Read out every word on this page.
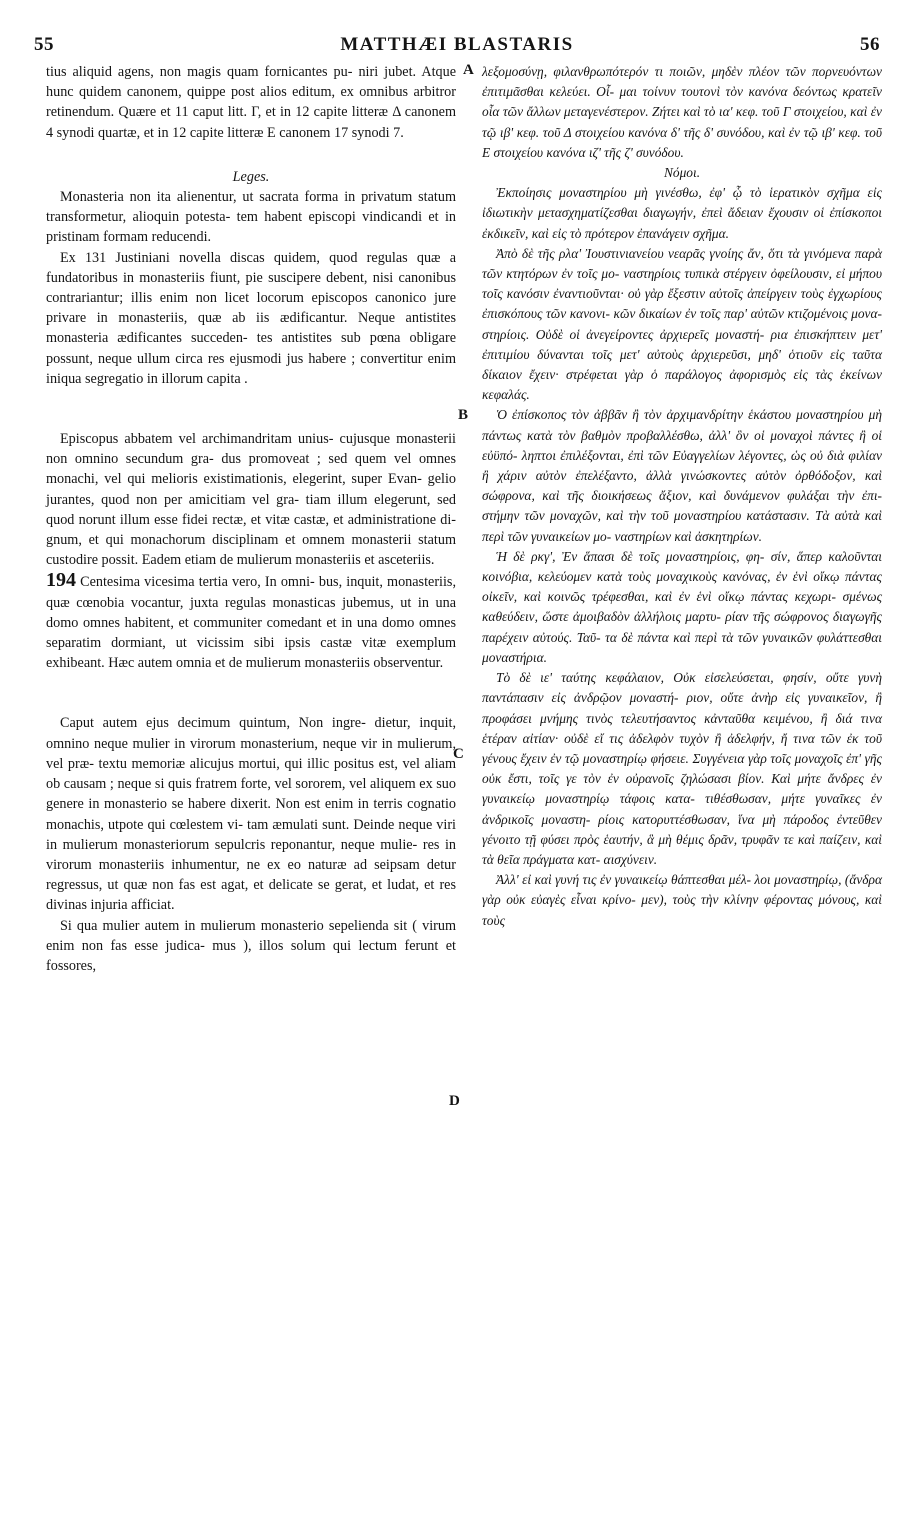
55	MATTHÆI BLASTARIS	56
A
B
C
D

tius aliquid agens, non magis quam fornicantes pu- niri jubet. Atque hunc quidem canonem, quippe post alios editum, ex omnibus arbitror retinendum. Quære et 11 caput litt. Γ, et in 12 capite litteræ Δ canonem 4 synodi quartæ, et in 12 capite litteræ E canonem 17 synodi 7.

Leges.

Monasteria non ita alienentur, ut sacrata forma in privatum statum transformetur, alioquin potesta- tem habent episcopi vindicandi et in pristinam formam reducendi.

Ex 131 Justiniani novella discas quidem, quod regulas quæ a fundatoribus in monasteriis fiunt, pie suscipere debent, nisi canonibus contrariantur; illis enim non licet locorum episcopos canonico jure privare in monasteriis, quæ ab iis ædificantur. Neque antistites monasteria ædificantes succeden- tes antistites sub pœna obligare possunt, neque ullum circa res ejusmodi jus habere ; convertitur enim iniqua segregatio in illorum capita .

Episcopus abbatem vel archimandritam unius- cujusque monasterii non omnino secundum gra- dus promoveat ; sed quem vel omnes monachi, vel qui melioris existimationis, elegerint, super Evan- gelio jurantes, quod non per amicitiam vel gra- tiam illum elegerunt, sed quod norunt illum esse fidei rectæ, et vitæ castæ, et administratione di- gnum, et qui monachorum disciplinam et omnem monasterii statum custodire possit. Eadem etiam de mulierum monasteriis et asceteriis.

194 Centesima vicesima tertia vero, In omni- bus, inquit, monasteriis, quæ cœnobia vocantur, juxta regulas monasticas jubemus, ut in una domo omnes habitent, et communiter comedant et in una domo omnes separatim dormiant, ut vicissim sibi ipsis castæ vitæ exemplum exhibeant. Hæc autem omnia et de mulierum monasteriis observentur.

Caput autem ejus decimum quintum, Non ingre- dietur, inquit, omnino neque mulier in virorum monasterium, neque vir in mulierum, vel præ- textu memoriæ alicujus mortui, qui illic positus est, vel aliam ob causam ; neque si quis fratrem forte, vel sororem, vel aliquem ex suo genere in monasterio se habere dixerit. Non est enim in terris cognatio monachis, utpote qui cœlestem vi- tam æmulati sunt. Deinde neque viri in mulierum monasteriorum sepulcris reponantur, neque mulie- res in virorum monasteriis inhumentur, ne ex eo naturæ ad seipsam detur regressus, ut quæ non fas est agat, et delicate se gerat, et ludat, et res divinas injuria afficiat.

Si qua mulier autem in mulierum monasterio sepelienda sit ( virum enim non fas esse judica- mus ), illos solum qui lectum ferunt et fossores,

λεξομοσύνῃ, φιλανθρωπότερόν τι ποιῶν, μηδὲν πλέον τῶν πορνευόντων ἐπιτιμᾶσθαι κελεύει. Οἶ- μαι τοίνυν τουτονὶ τὸν κανόνα δεόντως κρατεῖν οἷα τῶν ἄλλων μεταγενέστερον. Ζήτει καὶ τὸ ια' κεφ. τοῦ Γ στοιχείου, καὶ ἐν τῷ ιβ' κεφ. τοῦ Δ στοιχείου κανόνα δ' τῆς δ' συνόδου, καὶ ἐν τῷ ιβ' κεφ. τοῦ Ε στοιχείου κανόνα ιζ' τῆς ζ' συνόδου.

Νόμοι.

Ἐκποίησις μοναστηρίου μὴ γινέσθω, ἐφ' ᾧ τὸ ἱερατικὸν σχῆμα εἰς ἰδιωτικὴν μετασχηματίζεσθαι διαγωγήν, ἐπεὶ ἄδειαν ἔχουσιν οἱ ἐπίσκοποι ἐκδικεῖν, καὶ εἰς τὸ πρότερον ἐπανάγειν σχῆμα.

Ἀπὸ δὲ τῆς ρλα' Ἰουστινιανείου νεαρᾶς γνοίης ἄν, ὅτι τὰ γινόμενα παρὰ τῶν κτητόρων ἐν τοῖς μο- ναστηρίοις τυπικὰ στέργειν ὀφείλουσιν, εἰ μήπου τοῖς κανόσιν ἐναντιοῦνται· οὐ γὰρ ἔξεστιν αὐτοῖς ἀπείργειν τοὺς ἐγχωρίους ἐπισκόπους τῶν κανονι- κῶν δικαίων ἐν τοῖς παρ' αὐτῶν κτιζομένοις μονα- στηρίοις. Οὐδὲ οἱ ἀνεγείροντες ἀρχιερεῖς μοναστή- ρια ἐπισκήπτειν μετ' ἐπιτιμίου δύνανται τοῖς μετ' αὐτοὺς ἀρχιερεῦσι, μηδ' ὁτιοῦν εἰς ταῦτα δίκαιον ἔχειν· στρέφεται γὰρ ὁ παράλογος ἀφορισμὸς εἰς τὰς ἐκείνων κεφαλάς.

Ὁ ἐπίσκοπος τὸν ἀββᾶν ἢ τὸν ἀρχιμανδρίτην ἑκάστου μοναστηρίου μὴ πάντως κατὰ τὸν βαθμὸν προβαλλέσθω, ἀλλ' ὃν οἱ μοναχοὶ πάντες ἢ οἱ εὐϋπό- ληπτοι ἐπιλέξονται, ἐπὶ τῶν Εὐαγγελίων λέγοντες, ὡς οὐ διὰ φιλίαν ἢ χάριν αὐτὸν ἐπελέξαντο, ἀλλὰ γινώσκοντες αὐτὸν ὀρθόδοξον, καὶ σώφρονα, καὶ τῆς διοικήσεως ἄξιον, καὶ δυνάμενον φυλάξαι τὴν ἐπι- στήμην τῶν μοναχῶν, καὶ τὴν τοῦ μοναστηρίου κατάστασιν. Τὰ αὐτὰ καὶ περὶ τῶν γυναικείων μο- ναστηρίων καὶ ἀσκητηρίων.

Ἡ δὲ ρκγ', Ἐν ἅπασι δὲ τοῖς μοναστηρίοις, φη- σίν, ἅπερ καλοῦνται κοινόβια, κελεύομεν κατὰ τοὺς μοναχικοὺς κανόνας, ἐν ἑνὶ οἴκῳ πάντας οἰκεῖν, καὶ κοινῶς τρέφεσθαι, καὶ ἐν ἑνὶ οἴκῳ πάντας κεχωρι- σμένως καθεύδειν, ὥστε ἀμοιβαδὸν ἀλλήλοις μαρτυ- ρίαν τῆς σώφρονος διαγωγῆς παρέχειν αὐτούς. Ταῦ- τα δὲ πάντα καὶ περὶ τὰ τῶν γυναικῶν φυλάττεσθαι μοναστήρια.

Τὸ δὲ ιε' ταύτης κεφάλαιον, Οὐκ εἰσελεύσεται, φησίν, οὔτε γυνὴ παντάπασιν εἰς ἀνδρῷον μοναστή- ριον, οὔτε ἀνὴρ εἰς γυναικεῖον, ἢ προφάσει μνήμης τινὸς τελευτήσαντος κἀνταῦθα κειμένου, ἢ διά τινα ἑτέραν αἰτίαν· οὐδὲ εἴ τις ἀδελφὸν τυχὸν ἢ ἀδελφήν, ἤ τινα τῶν ἐκ τοῦ γένους ἔχειν ἐν τῷ μοναστηρίῳ φήσειε. Συγγένεια γὰρ τοῖς μοναχοῖς ἐπ' γῆς οὐκ ἔστι, τοῖς γε τὸν ἐν οὐρανοῖς ζηλώσασι βίον. Καὶ μήτε ἄνδρες ἐν γυναικείῳ μοναστηρίῳ τάφοις κατα- τιθέσθωσαν, μήτε γυναῖκες ἐν ἀνδρικοῖς μοναστη- ρίοις κατορυττέσθωσαν, ἵνα μὴ πάροδος ἐντεῦθεν γένοιτο τῇ φύσει πρὸς ἑαυτήν, ἃ μὴ θέμις δρᾶν, τρυφᾶν τε καὶ παίζειν, καὶ τὰ θεῖα πράγματα κατ- αισχύνειν.

Ἀλλ' εἰ καὶ γυνή τις ἐν γυναικείῳ θάπτεσθαι μέλ- λοι μοναστηρίῳ, (ἄνδρα γὰρ οὐκ εὐαγὲς εἶναι κρίνο- μεν), τοὺς τὴν κλίνην φέροντας μόνους, καὶ τοὺς
